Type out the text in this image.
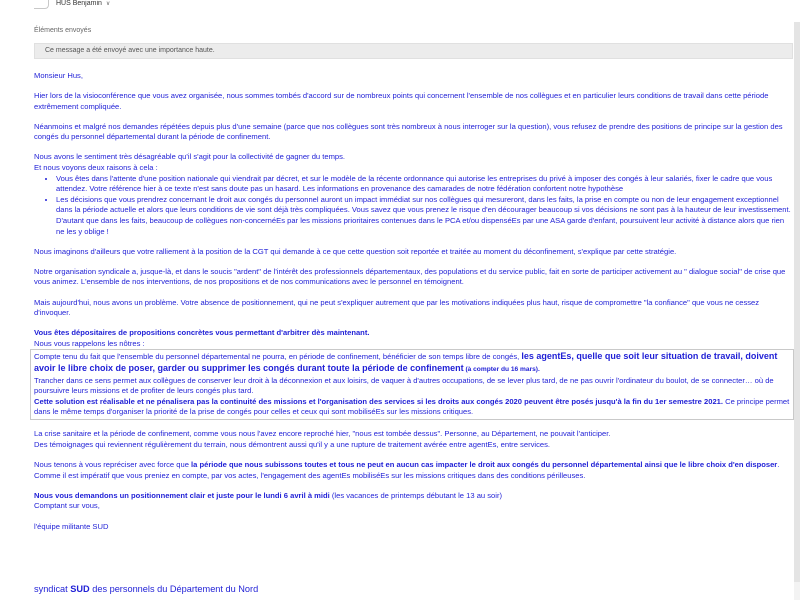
HUS Benjamin ∨
Éléments envoyés
Ce message a été envoyé avec une importance haute.

Monsieur Hus,

Hier lors de la visioconférence que vous avez organisée, nous sommes tombés d'accord sur de nombreux points qui concernent l'ensemble de nos collègues et en particulier leurs conditions de travail dans cette période extrêmement compliquée.

Néanmoins et malgré nos demandes répétées depuis plus d'une semaine (parce que nos collègues sont très nombreux à nous interroger sur la question), vous refusez de prendre des positions de principe sur la gestion des congés du personnel départemental durant la période de confinement.

Nous avons le sentiment très désagréable qu'il s'agit pour la collectivité de gagner du temps.

Et nous voyons deux raisons à cela :

• Vous êtes dans l'attente d'une position nationale qui viendrait par décret, et sur le modèle de la récente ordonnance qui autorise les entreprises du privé à imposer des congés à leur salariés, fixer le cadre que vous attendez. Votre référence hier à ce texte n'est sans doute pas un hasard. Les informations en provenance des camarades de notre fédération confortent notre hypothèse
• Les décisions que vous prendrez concernant le droit aux congés du personnel auront un impact immédiat sur nos collègues qui mesureront, dans les faits, la prise en compte ou non de leur engagement exceptionnel dans la période actuelle et alors que leurs conditions de vie sont déjà très compliquées. Vous savez que vous prenez le risque d'en décourager beaucoup si vos décisions ne sont pas à la hauteur de leur investissement. D'autant que dans les faits, beaucoup de collègues non-concernéEs par les missions prioritaires contenues dans le PCA et/ou dispenséEs par une ASA garde d'enfant, poursuivent leur activité à distance alors que rien ne les y oblige !

Nous imaginons d'ailleurs que votre ralliement à la position de la CGT qui demande à ce que cette question soit reportée et traitée au moment du déconfinement, s'explique par cette stratégie.

Notre organisation syndicale a, jusque-là, et dans le soucis "ardent" de l'intérêt des professionnels départementaux, des populations et du service public, fait en sorte de participer activement au " dialogue social" de crise que vous animez. L'ensemble de nos interventions, de nos propositions et de nos communications avec le personnel en témoignent.

Mais aujourd'hui, nous avons un problème. Votre absence de positionnement, qui ne peut s'expliquer autrement que par les motivations indiquées plus haut, risque de compromettre "la confiance" que vous ne cessez d'invoquer.

Vous êtes dépositaires de propositions concrètes vous permettant d'arbitrer dès maintenant.

Nous vous rappelons les nôtres :

Compte tenu du fait que l'ensemble du personnel départemental ne pourra, en période de confinement, bénéficier de son temps libre de congés, les agentEs, quelle que soit leur situation de travail, doivent avoir le libre choix de poser, garder ou supprimer les congés durant toute la période de confinement (à compter du 16 mars).

Trancher dans ce sens permet aux collègues de conserver leur droit à la déconnexion et aux loisirs, de vaquer à d'autres occupations, de se lever plus tard, de ne pas ouvrir l'ordinateur du boulot, de se connecter… où de poursuivre leurs missions et de profiter de leurs congés plus tard.

Cette solution est réalisable et ne pénalisera pas la continuité des missions et l'organisation des services si les droits aux congés 2020 peuvent être posés jusqu'à la fin du 1er semestre 2021. Ce principe permet dans le même temps d'organiser la priorité de la prise de congés pour celles et ceux qui sont mobiliséEs sur les missions critiques.

La crise sanitaire et la période de confinement, comme vous nous l'avez encore reproché hier, "nous est tombée dessus". Personne, au Département, ne pouvait l'anticiper.

Des témoignages qui reviennent régulièrement du terrain, nous démontrent aussi qu'il y a une rupture de traitement avérée entre agentEs, entre services.

Nous tenons à vous repréciser avec force que la période que nous subissons toutes et tous ne peut en aucun cas impacter le droit aux congés du personnel départemental ainsi que le libre choix d'en disposer. Comme il est impératif que vous preniez en compte, par vos actes, l'engagement des agentEs mobiliséEs sur les missions critiques dans des conditions périlleuses.

Nous vous demandons un positionnement clair et juste pour le lundi 6 avril à midi (les vacances de printemps débutant le 13 au soir)

Comptant sur vous,

l'équipe militante SUD

syndicat SUD des personnels du Département du Nord
